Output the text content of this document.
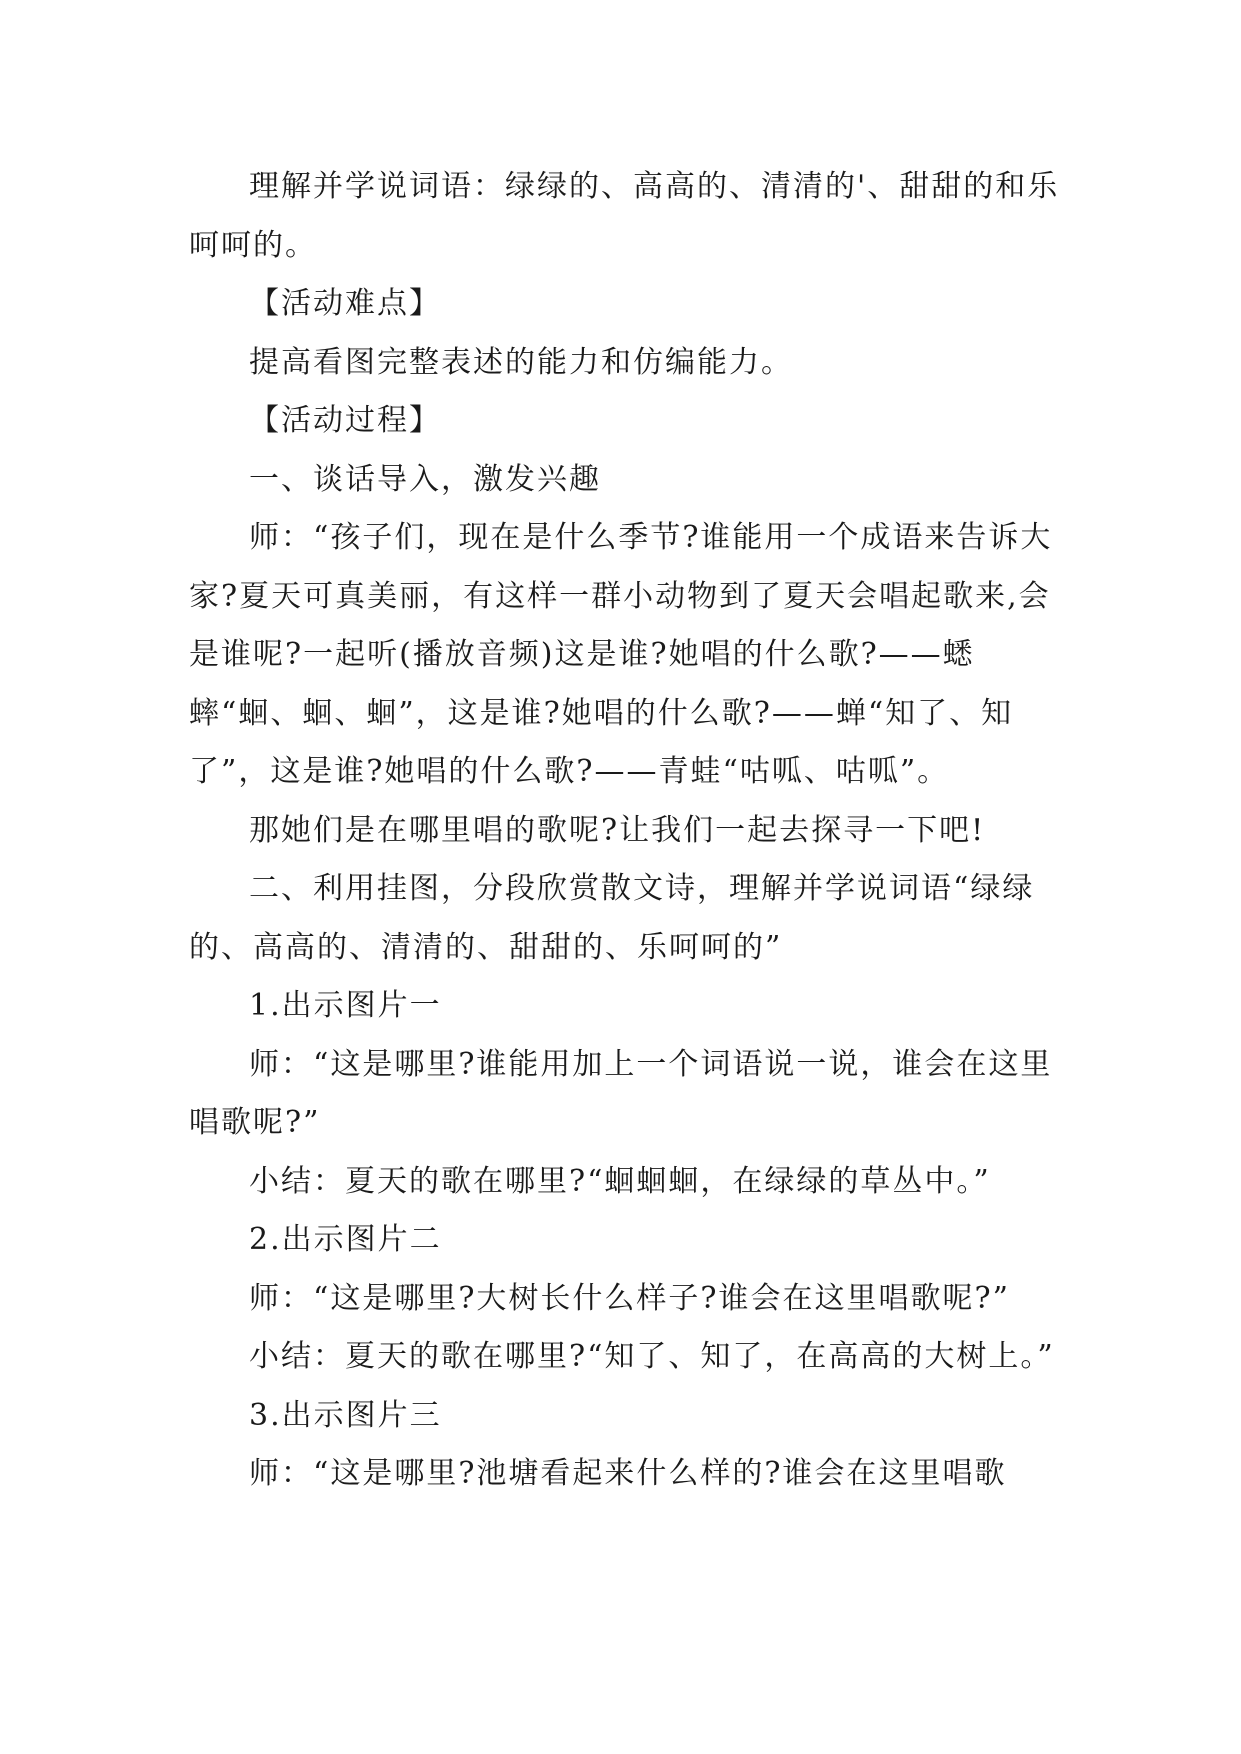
理解并学说词语：绿绿的、高高的、清清的'、甜甜的和乐呵呵的。

【活动难点】

提高看图完整表述的能力和仿编能力。

【活动过程】

一、谈话导入，激发兴趣

师：“孩子们，现在是什么季节?谁能用一个成语来告诉大家?夏天可真美丽，有这样一群小动物到了夏天会唱起歌来,会是谁呢?一起听(播放音频)这是谁?她唱的什么歌?——蟋蟀“蛔、蛔、蛔”，这是谁?她唱的什么歌?——蝉“知了、知了”，这是谁?她唱的什么歌?——青蛙“咕呱、咕呱”。

那她们是在哪里唱的歌呢?让我们一起去探寻一下吧!

二、利用挂图，分段欣赏散文诗，理解并学说词语“绿绿的、高高的、清清的、甜甜的、乐呵呵的”

1.出示图片一

师：“这是哪里?谁能用加上一个词语说一说，谁会在这里唱歌呢?”

小结：夏天的歌在哪里?“蛔蛔蛔，在绿绿的草丛中。”

2.出示图片二

师：“这是哪里?大树长什么样子?谁会在这里唱歌呢?”

小结：夏天的歌在哪里?“知了、知了，在高高的大树上。”

3.出示图片三

师：“这是哪里?池塘看起来什么样的?谁会在这里唱歌
